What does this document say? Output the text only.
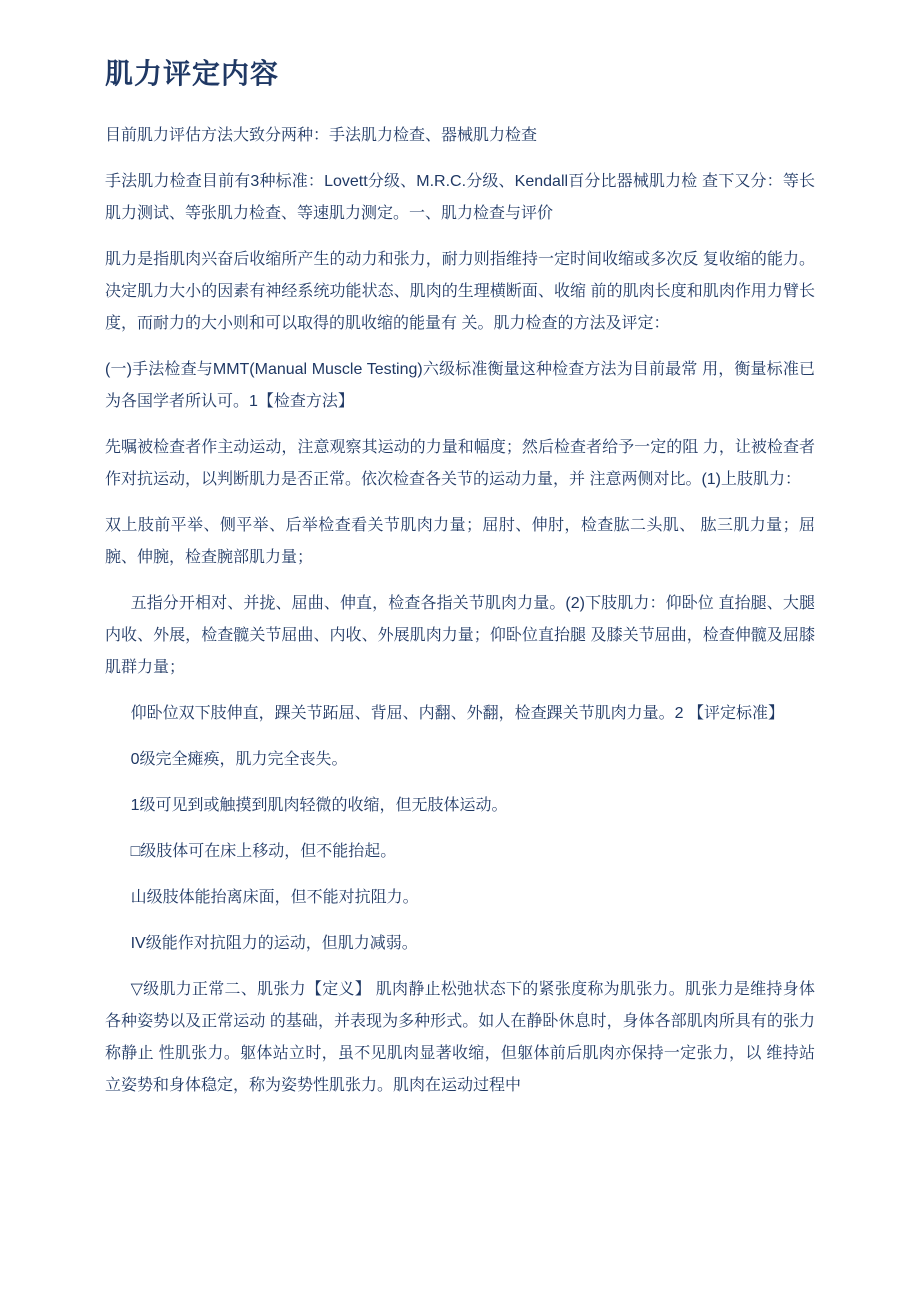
肌力评定内容

目前肌力评估方法大致分两种：手法肌力检查、器械肌力检查

手法肌力检查目前有3种标准：Lovett分级、M.R.C.分级、Kendall百分比器械肌力检 查下又分：等长肌力测试、等张肌力检查、等速肌力测定。一、肌力检查与评价

肌力是指肌肉兴奋后收缩所产生的动力和张力，耐力则指维持一定时间收缩或多次反 复收缩的能力。决定肌力大小的因素有神经系统功能状态、肌肉的生理横断面、收缩 前的肌肉长度和肌肉作用力臂长度，而耐力的大小则和可以取得的肌收缩的能量有 关。肌力检查的方法及评定：

(一)手法检查与MMT(Manual Muscle Testing)六级标准衡量这种检查方法为目前最常 用，衡量标准已为各国学者所认可。1【检查方法】

先嘱被检查者作主动运动，注意观察其运动的力量和幅度；然后检查者给予一定的阻 力，让被检查者作对抗运动，以判断肌力是否正常。依次检查各关节的运动力量，并 注意两侧对比。(1)上肢肌力：

双上肢前平举、侧平举、后举检查看关节肌肉力量；屈肘、伸肘，检查肱二头肌、 肱三肌力量；屈腕、伸腕，检查腕部肌力量；

五指分开相对、并拢、屈曲、伸直，检查各指关节肌肉力量。(2)下肢肌力：仰卧位 直抬腿、大腿内收、外展，检查髋关节屈曲、内收、外展肌肉力量；仰卧位直抬腿 及膝关节屈曲，检查伸髋及屈膝肌群力量；

仰卧位双下肢伸直，踝关节跖屈、背屈、内翻、外翻，检查踝关节肌肉力量。2 【评定标准】

0级完全瘫痪，肌力完全丧失。

1级可见到或触摸到肌肉轻微的收缩，但无肢体运动。

□级肢体可在床上移动，但不能抬起。

山级肢体能抬离床面，但不能对抗阻力。

IV级能作对抗阻力的运动，但肌力减弱。

▽级肌力正常二、肌张力【定义】 肌肉静止松弛状态下的紧张度称为肌张力。肌张力是维持身体各种姿势以及正常运动 的基础，并表现为多种形式。如人在静卧休息时，身体各部肌肉所具有的张力称静止 性肌张力。躯体站立时，虽不见肌肉显著收缩，但躯体前后肌肉亦保持一定张力，以 维持站立姿势和身体稳定，称为姿势性肌张力。肌肉在运动过程中
